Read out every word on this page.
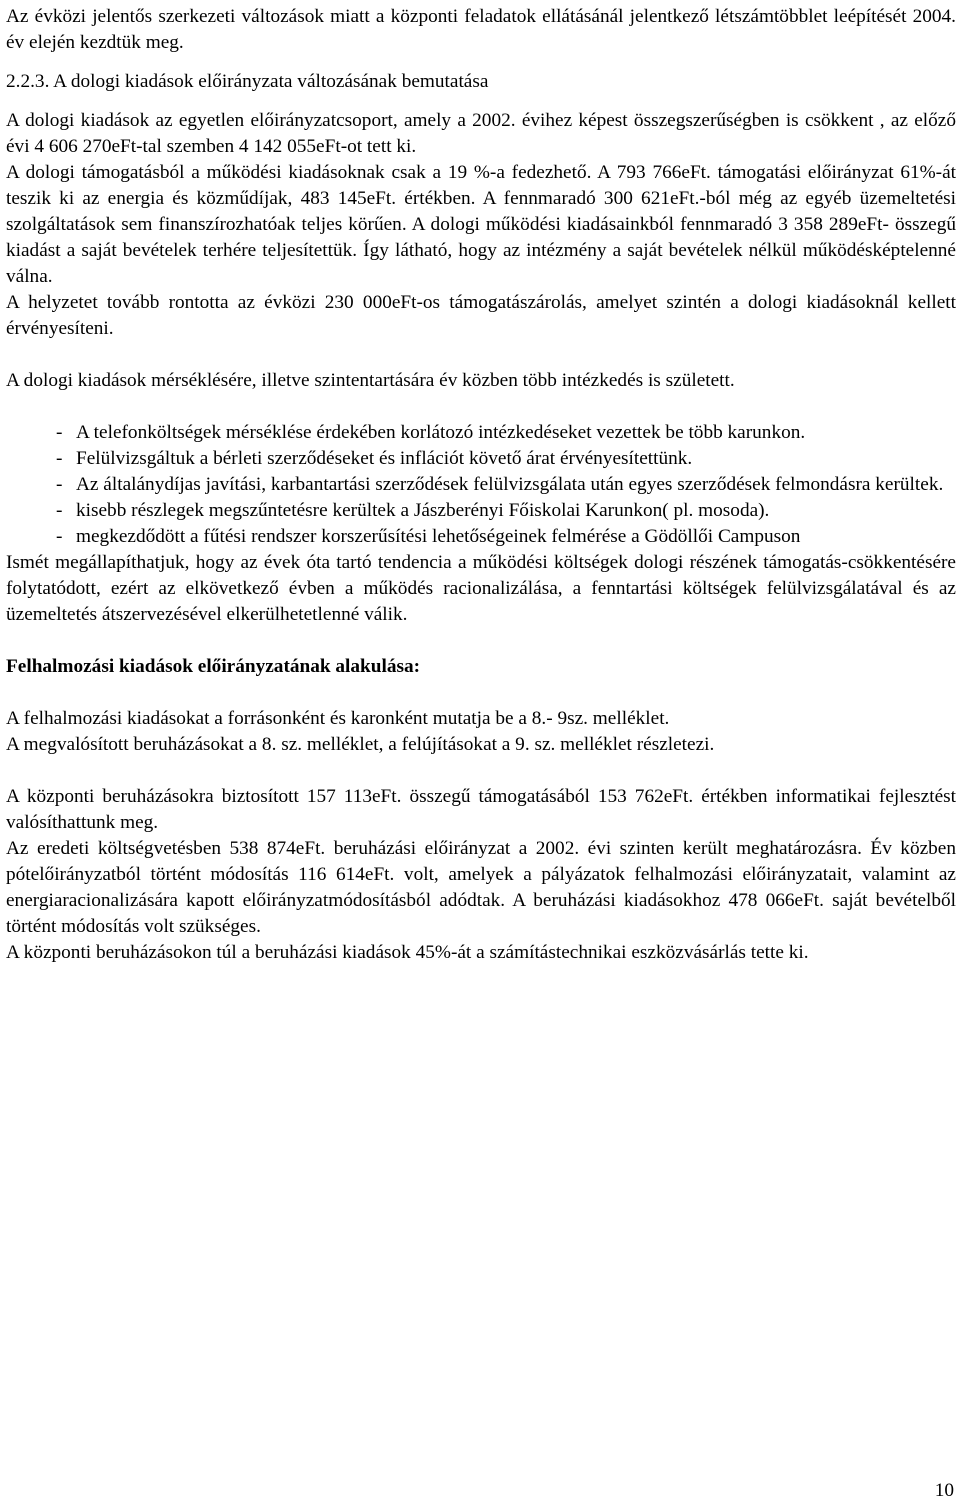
Az évközi jelentős szerkezeti változások miatt a központi feladatok ellátásánál jelentkező létszámtöbblet leépítését 2004. év elején kezdtük meg.

2.2.3. A dologi kiadások előirányzata változásának bemutatása

A dologi kiadások az egyetlen előirányzatcsoport, amely a 2002. évihez képest összegszerűségben is csökkent , az előző évi 4 606 270eFt-tal szemben 4 142 055eFt-ot tett ki.

A dologi támogatásból a működési kiadásoknak csak a 19 %-a fedezhető. A 793 766eFt. támogatási előirányzat 61%-át teszik ki az energia és közműdíjak, 483 145eFt. értékben. A fennmaradó 300 621eFt.-ból még az egyéb üzemeltetési szolgáltatások sem finanszírozhatóak teljes körűen. A dologi működési kiadásainkból fennmaradó 3 358 289eFt- összegű kiadást a saját bevételek terhére teljesítettük. Így látható, hogy az intézmény a saját bevételek nélkül működésképtelenné válna.

A helyzetet tovább rontotta az évközi 230 000eFt-os támogatászárolás, amelyet szintén a dologi kiadásoknál kellett érvényesíteni.

A dologi kiadások mérséklésére, illetve szintentartására év közben több intézkedés is született.

- A telefonköltségek mérséklése érdekében korlátozó intézkedéseket vezettek be több karunkon.
- Felülvizsgáltuk a bérleti szerződéseket és inflációt követő árat érvényesítettünk.
- Az általánydíjas javítási, karbantartási szerződések felülvizsgálata után egyes szerződések felmondásra kerültek.
- kisebb részlegek megszűntetésre kerültek a Jászberényi Főiskolai Karunkon( pl. mosoda).
- megkezdődött a fűtési rendszer korszerűsítési lehetőségeinek felmérése a Gödöllői Campuson

Ismét megállapíthatjuk, hogy az évek óta tartó tendencia a működési költségek dologi részének támogatás-csökkentésére folytatódott, ezért az elkövetkező évben a működés racionalizálása, a fenntartási költségek felülvizsgálatával és az üzemeltetés átszervezésével elkerülhetetlenné válik.

Felhalmozási kiadások előirányzatának alakulása:

A felhalmozási kiadásokat a forrásonként és karonként mutatja be a 8.- 9sz. melléklet.

A megvalósított beruházásokat a 8. sz. melléklet, a felújításokat a 9. sz. melléklet részletezi.

A központi beruházásokra biztosított 157 113eFt. összegű támogatásából 153 762eFt. értékben informatikai fejlesztést valósíthattunk meg.

Az eredeti költségvetésben 538 874eFt. beruházási előirányzat a 2002. évi szinten került meghatározásra. Év közben pótelőirányzatból történt módosítás 116 614eFt. volt, amelyek a pályázatok felhalmozási előirányzatait, valamint az energiaracionalizására kapott előirányzatmódosításból adódtak. A beruházási kiadásokhoz 478 066eFt. saját bevételből történt módosítás volt szükséges.

A központi beruházásokon túl a beruházási kiadások 45%-át a számítástechnikai eszközvásárlás tette ki.

10
